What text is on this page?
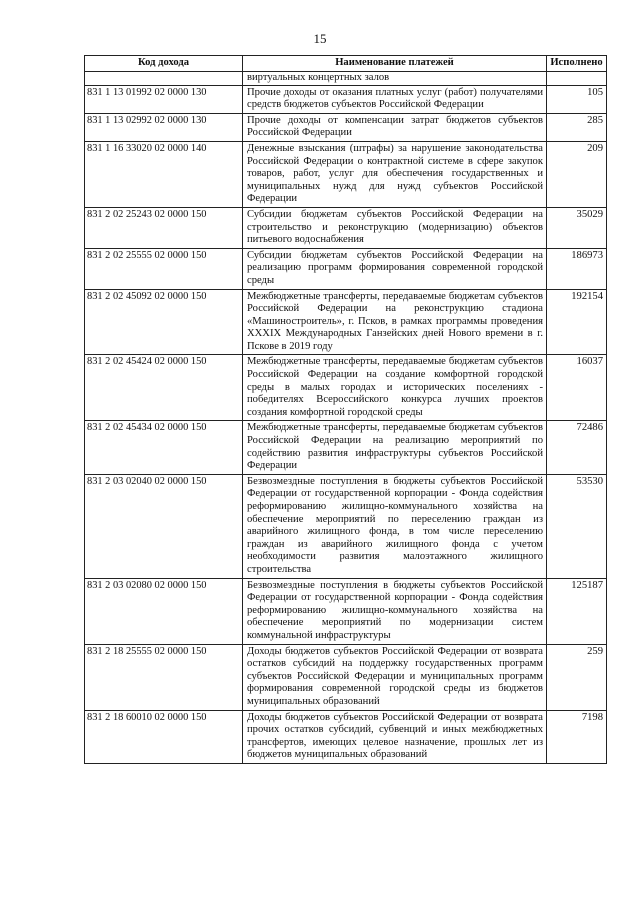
15
Код дохода	Наименование платежей	Исполнено
	виртуальных концертных залов	
831 1 13 01992 02 0000 130	Прочие доходы от оказания платных услуг (работ) получателями средств бюджетов субъектов Российской Федерации	105
831 1 13 02992 02 0000 130	Прочие доходы от компенсации затрат бюджетов субъектов Российской Федерации	285
831 1 16 33020 02 0000 140	Денежные взыскания (штрафы) за нарушение законодательства Российской Федерации о контрактной системе в сфере закупок товаров, работ, услуг для обеспечения государственных и муниципальных нужд для нужд субъектов Российской Федерации	209
831 2 02 25243 02 0000 150	Субсидии бюджетам субъектов Российской Федерации на строительство и реконструкцию (модернизацию) объектов питьевого водоснабжения	35029
831 2 02 25555 02 0000 150	Субсидии бюджетам субъектов Российской Федерации на реализацию программ формирования современной городской среды	186973
831 2 02 45092 02 0000 150	Межбюджетные трансферты, передаваемые бюджетам субъектов Российской Федерации на реконструкцию стадиона «Машиностроитель», г. Псков, в рамках программы проведения XXXIX Международных Ганзейских дней Нового времени в г. Пскове в 2019 году	192154
831 2 02 45424 02 0000 150	Межбюджетные трансферты, передаваемые бюджетам субъектов Российской Федерации на создание комфортной городской среды в малых городах и исторических поселениях - победителях Всероссийского конкурса лучших проектов создания комфортной городской среды	16037
831 2 02 45434 02 0000 150	Межбюджетные трансферты, передаваемые бюджетам субъектов Российской Федерации на реализацию мероприятий по содействию развития инфраструктуры субъектов Российской Федерации	72486
831 2 03 02040 02 0000 150	Безвозмездные поступления в бюджеты субъектов Российской Федерации от государственной корпорации - Фонда содействия реформированию жилищно-коммунального хозяйства на обеспечение мероприятий по переселению граждан из аварийного жилищного фонда, в том числе переселению граждан из аварийного жилищного фонда с учетом необходимости развития малоэтажного жилищного строительства	53530
831 2 03 02080 02 0000 150	Безвозмездные поступления в бюджеты субъектов Российской Федерации от государственной корпорации - Фонда содействия реформированию жилищно-коммунального хозяйства на обеспечение мероприятий по модернизации систем коммунальной инфраструктуры	125187
831 2 18 25555 02 0000 150	Доходы бюджетов субъектов Российской Федерации от возврата остатков субсидий на поддержку государственных программ субъектов Российской Федерации и муниципальных программ формирования современной городской среды из бюджетов муниципальных образований	259
831 2 18 60010 02 0000 150	Доходы бюджетов субъектов Российской Федерации от возврата прочих остатков субсидий, субвенций и иных межбюджетных трансфертов, имеющих целевое назначение, прошлых лет из бюджетов муниципальных образований	7198
